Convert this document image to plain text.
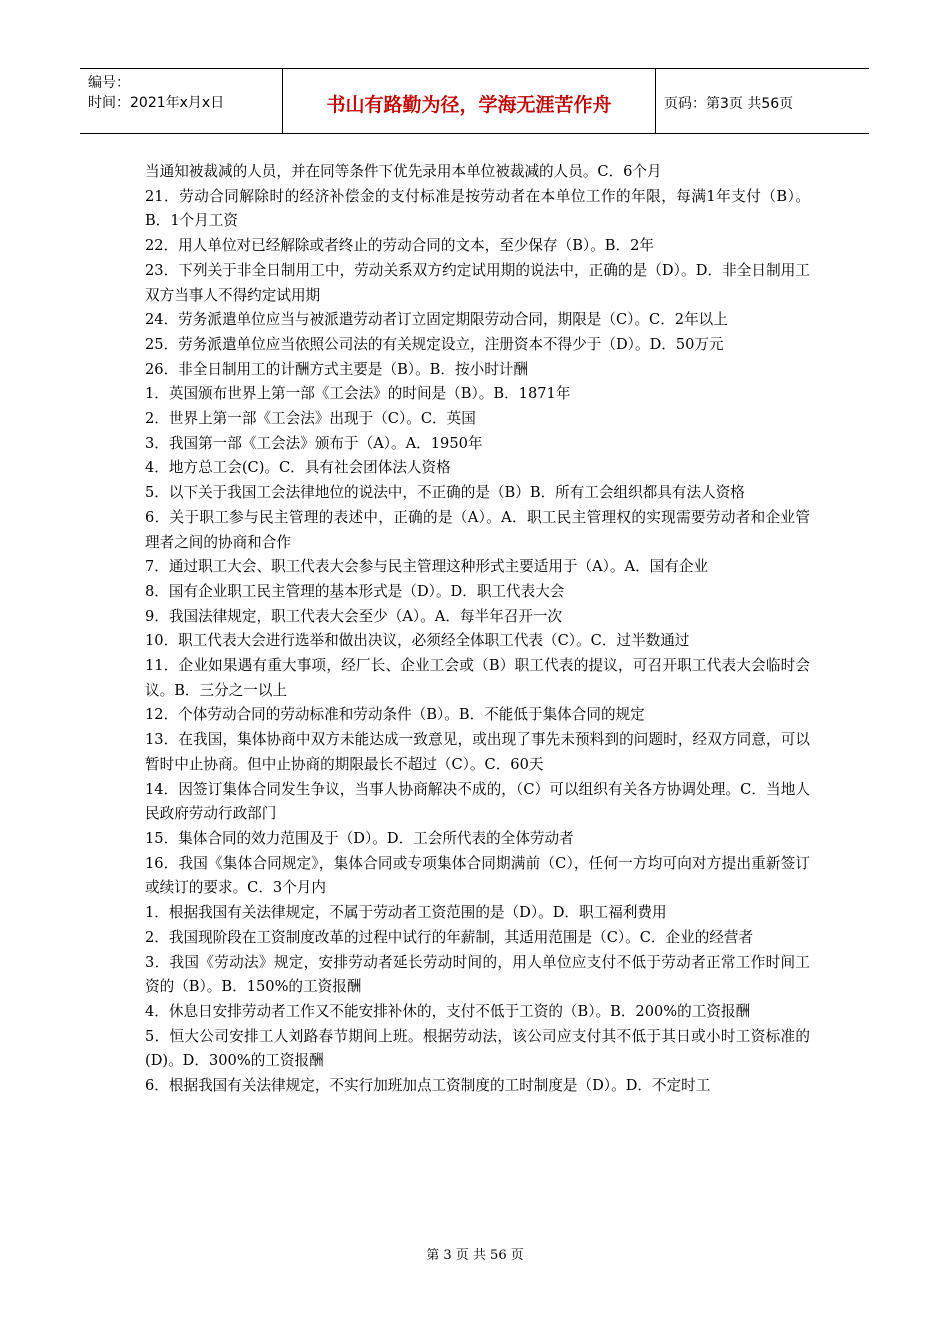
编号：
时间：2021年x月x日	书山有路勤为径，学海无涯苦作舟	页码：第3页 共56页

当通知被裁减的人员，并在同等条件下优先录用本单位被裁减的人员。C．6个月

21．劳动合同解除时的经济补偿金的支付标准是按劳动者在本单位工作的年限，每满1年支付（B）。B．1个月工资

22．用人单位对已经解除或者终止的劳动合同的文本，至少保存（B）。B．2年

23．下列关于非全日制用工中，劳动关系双方约定试用期的说法中，正确的是（D）。D．非全日制用工双方当事人不得约定试用期

24．劳务派遣单位应当与被派遣劳动者订立固定期限劳动合同，期限是（C）。C．2年以上

25．劳务派遣单位应当依照公司法的有关规定设立，注册资本不得少于（D）。D．50万元

26．非全日制用工的计酬方式主要是（B）。B．按小时计酬

1．英国颁布世界上第一部《工会法》的时间是（B）。B．1871年

2．世界上第一部《工会法》出现于（C）。C．英国

3．我国第一部《工会法》颁布于（A）。A．1950年

4．地方总工会(C)。C．具有社会团体法人资格

5．以下关于我国工会法律地位的说法中，不正确的是（B）B．所有工会组织都具有法人资格

6．关于职工参与民主管理的表述中，正确的是（A）。A．职工民主管理权的实现需要劳动者和企业管理者之间的协商和合作

7．通过职工大会、职工代表大会参与民主管理这种形式主要适用于（A）。A．国有企业

8．国有企业职工民主管理的基本形式是（D）。D．职工代表大会

9．我国法律规定，职工代表大会至少（A）。A．每半年召开一次

10．职工代表大会进行选举和做出决议，必须经全体职工代表（C）。C．过半数通过

11．企业如果遇有重大事项，经厂长、企业工会或（B）职工代表的提议，可召开职工代表大会临时会议。B．三分之一以上

12．个体劳动合同的劳动标准和劳动条件（B）。B．不能低于集体合同的规定

13．在我国，集体协商中双方未能达成一致意见，或出现了事先未预料到的问题时，经双方同意，可以暂时中止协商。但中止协商的期限最长不超过（C）。C．60天

14．因签订集体合同发生争议，当事人协商解决不成的，（C）可以组织有关各方协调处理。C．当地人民政府劳动行政部门

15．集体合同的效力范围及于（D）。D．工会所代表的全体劳动者

16．我国《集体合同规定》，集体合同或专项集体合同期满前（C），任何一方均可向对方提出重新签订或续订的要求。C．3个月内

1．根据我国有关法律规定，不属于劳动者工资范围的是（D）。D．职工福利费用

2．我国现阶段在工资制度改革的过程中试行的年薪制，其适用范围是（C）。C．企业的经营者

3．我国《劳动法》规定，安排劳动者延长劳动时间的，用人单位应支付不低于劳动者正常工作时间工资的（B）。B．150%的工资报酬

4．休息日安排劳动者工作又不能安排补休的，支付不低于工资的（B）。B．200%的工资报酬

5．恒大公司安排工人刘路春节期间上班。根据劳动法，该公司应支付其不低于其日或小时工资标准的 (D)。D．300%的工资报酬

6．根据我国有关法律规定，不实行加班加点工资制度的工时制度是（D）。D．不定时工

第 3 页 共 56 页
